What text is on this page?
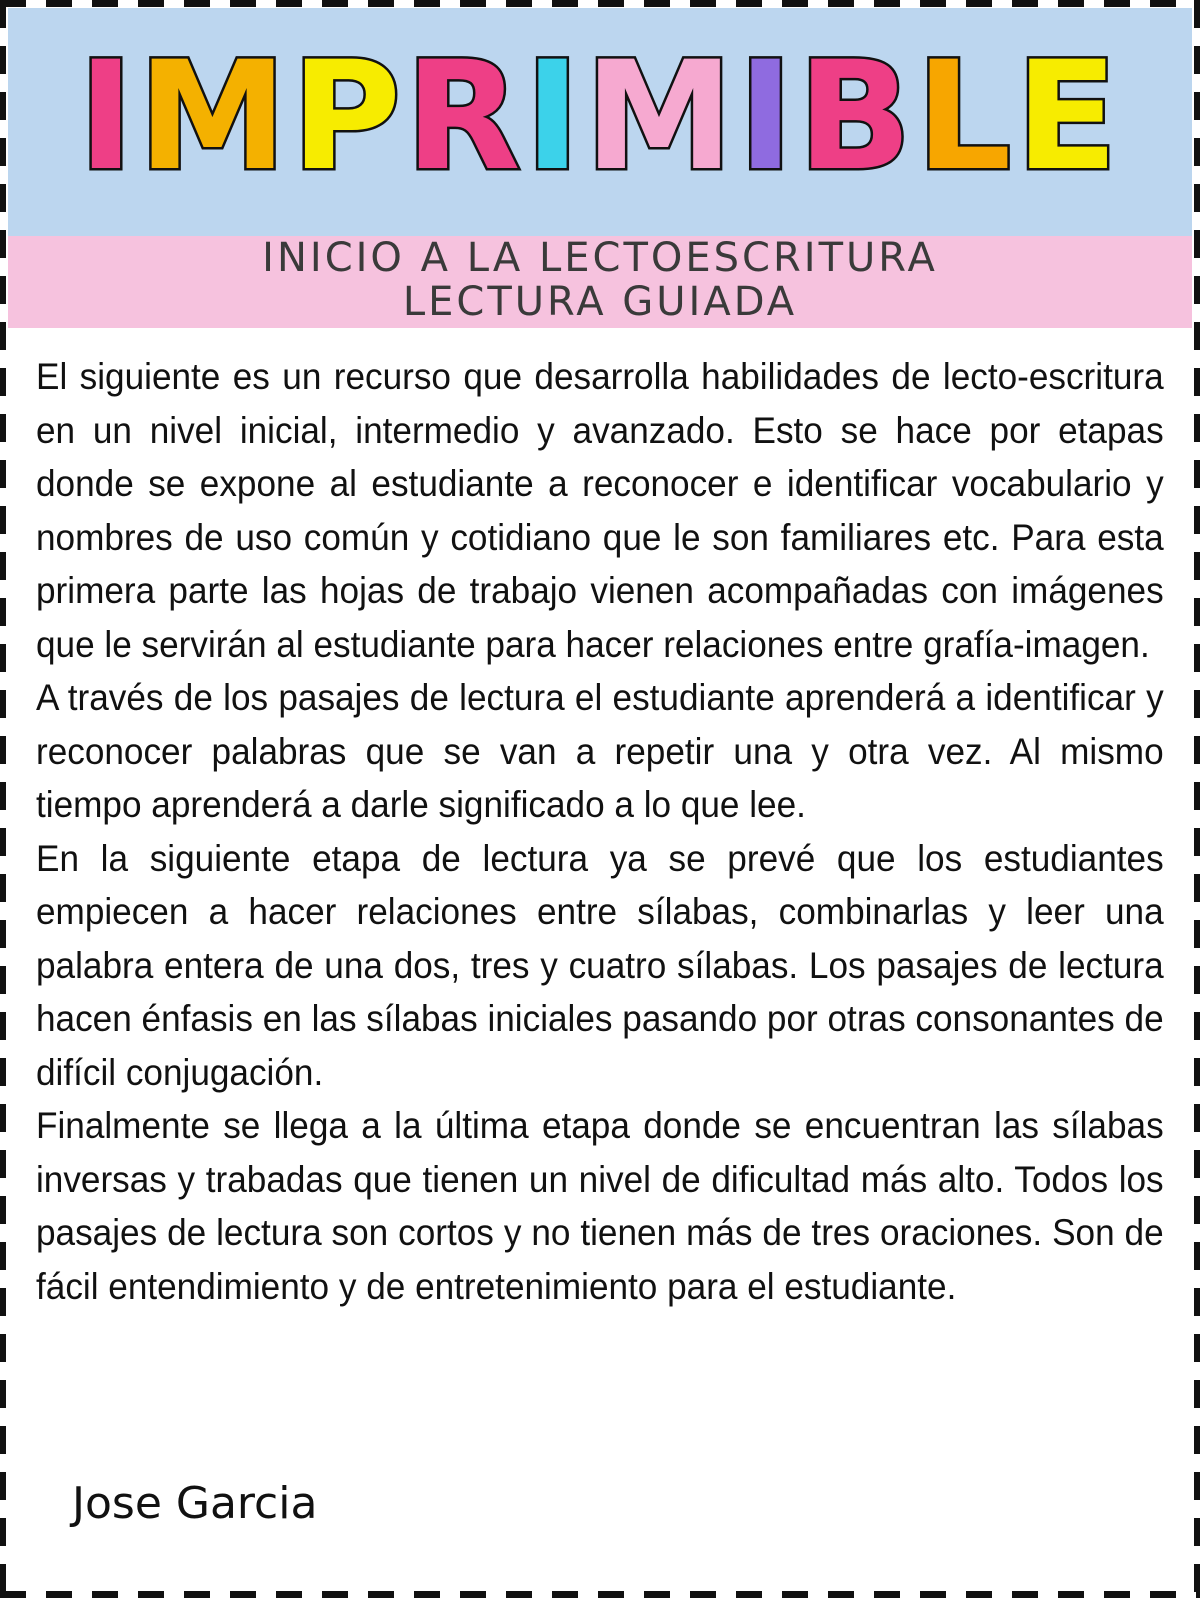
IMPRIMIBLE
INICIO A LA LECTOESCRITURA
LECTURA GUIADA

El siguiente es un recurso que desarrolla habilidades de lecto-escritura en un nivel inicial, intermedio y avanzado. Esto se hace por etapas donde se expone al estudiante a reconocer e identificar vocabulario y nombres de uso común y cotidiano que le son familiares etc. Para esta primera parte las hojas de trabajo vienen acompañadas con imágenes que le servirán al estudiante para hacer relaciones entre grafía-imagen.

A través de los pasajes de lectura el estudiante aprenderá a identificar y reconocer palabras que se van a repetir una y otra vez. Al mismo tiempo aprenderá a darle significado a lo que lee.

En la siguiente etapa de lectura ya se prevé que los estudiantes empiecen a hacer relaciones entre sílabas, combinarlas y leer una palabra entera de una dos, tres y cuatro sílabas. Los pasajes de lectura hacen énfasis en las sílabas iniciales pasando por otras consonantes de difícil conjugación.

Finalmente se llega a la última etapa donde se encuentran las sílabas inversas y trabadas que tienen un nivel de dificultad más alto. Todos los pasajes de lectura son cortos y no tienen más de tres oraciones. Son de fácil entendimiento y de entretenimiento para el estudiante.

Jose Garcia
